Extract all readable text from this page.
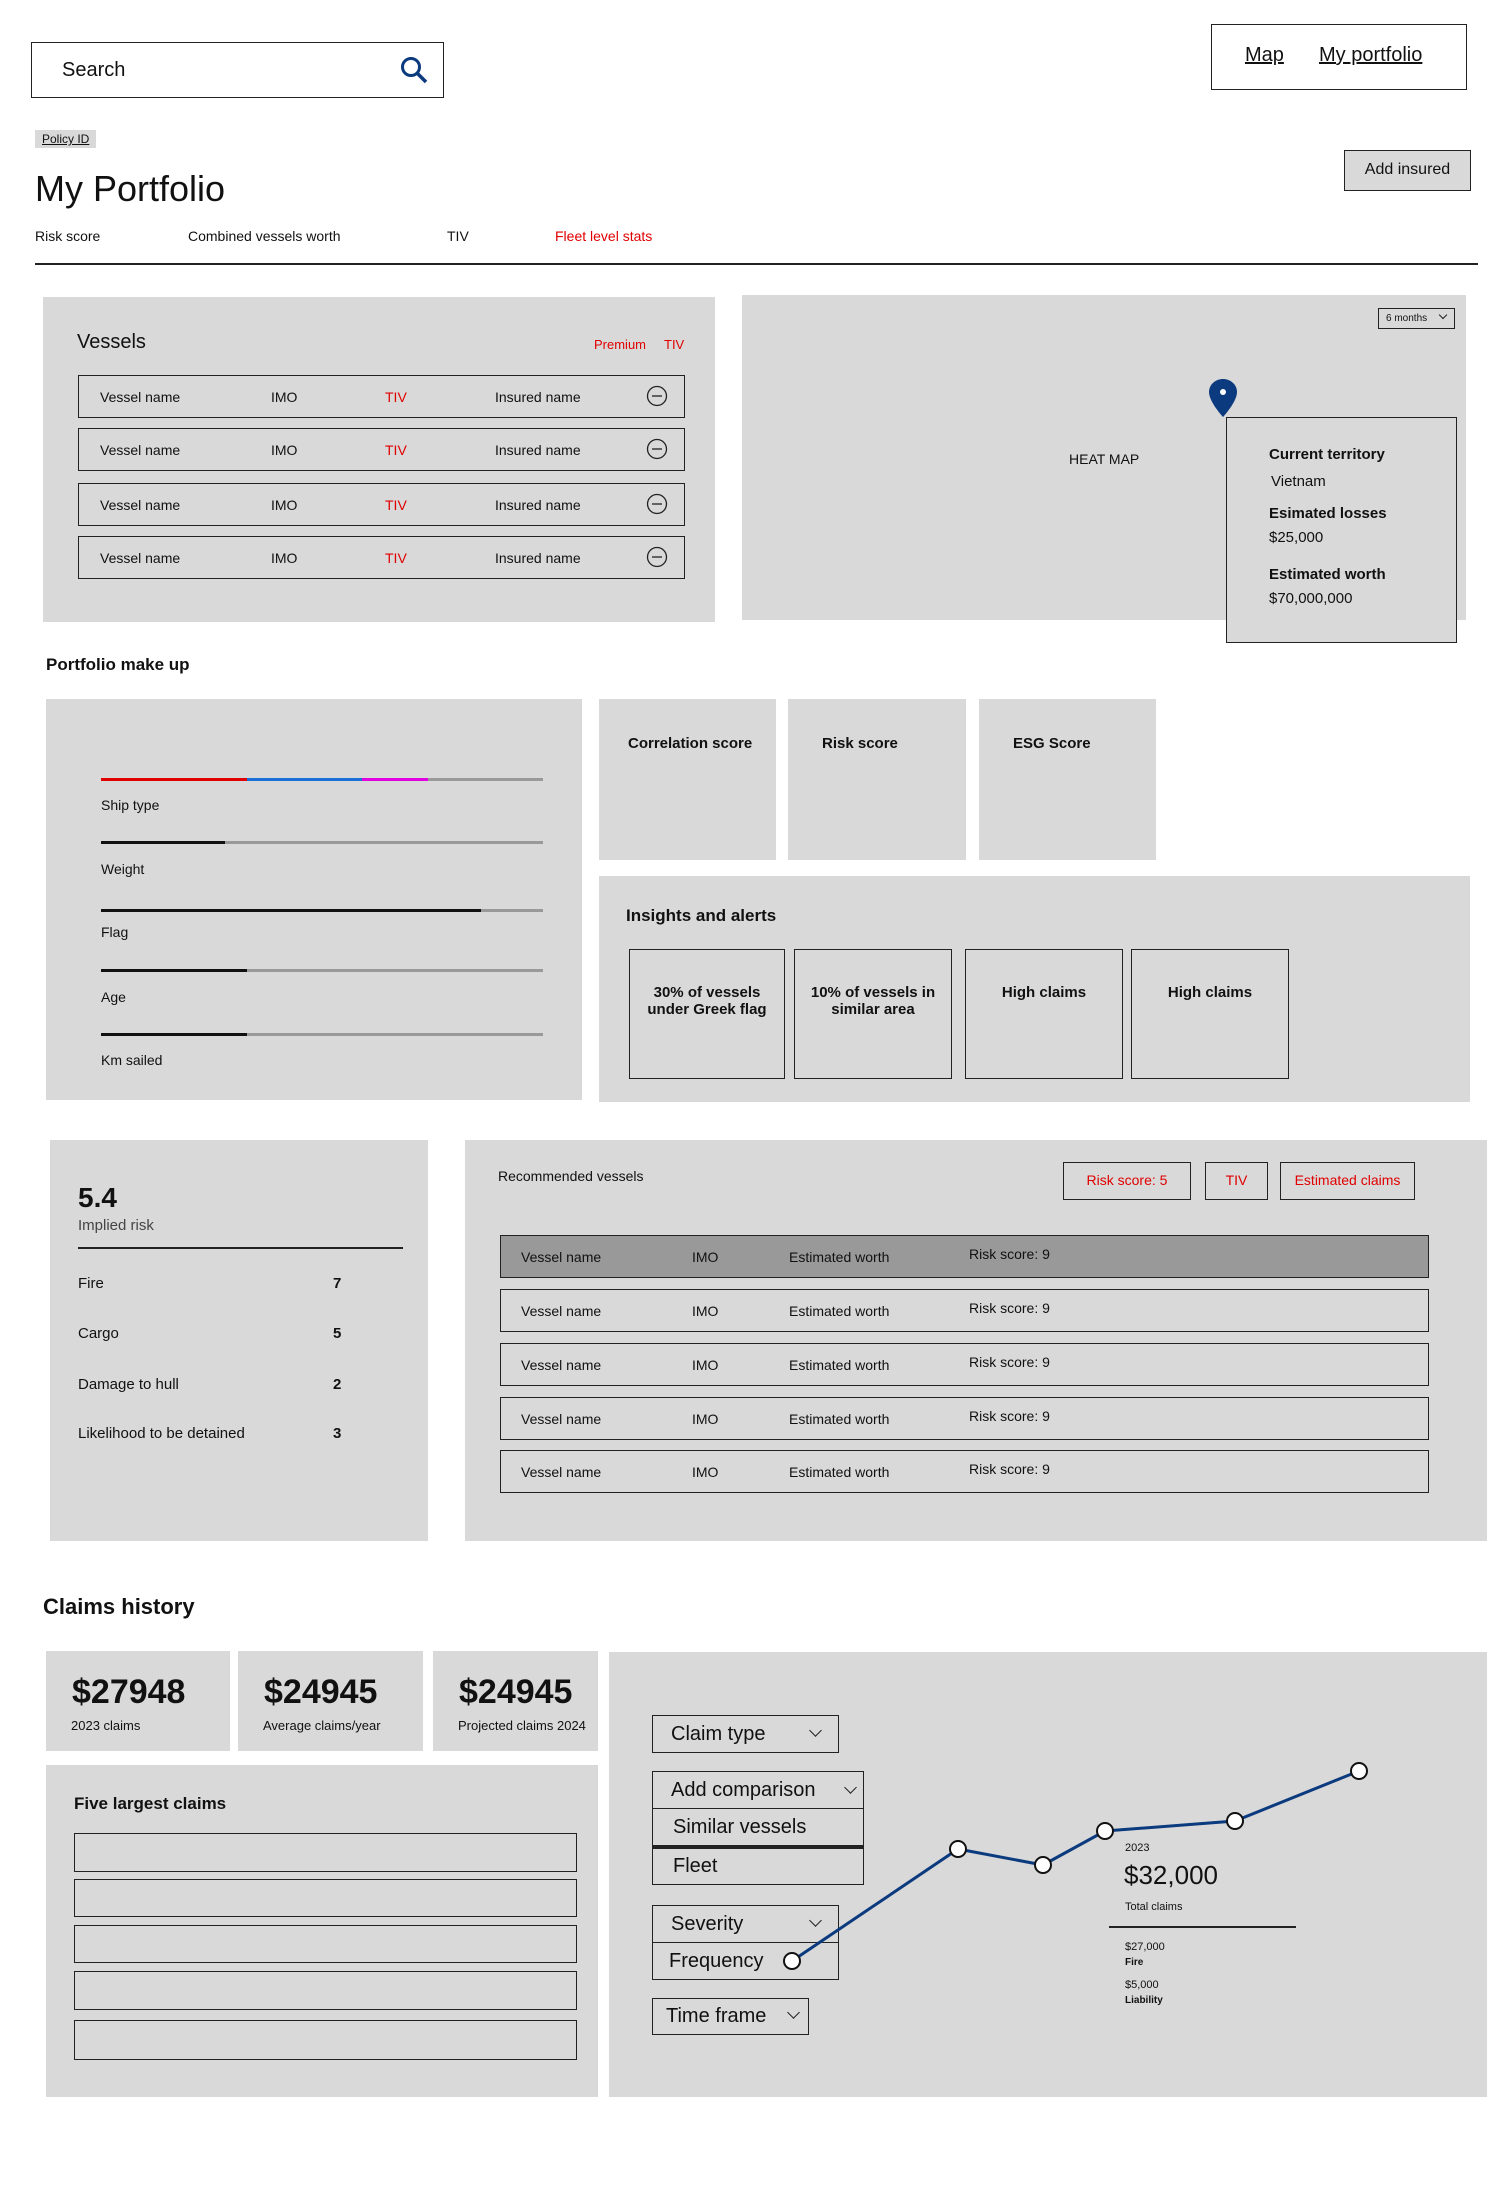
Search
Map My portfolio
Policy ID
My Portfolio	Add insured
Risk score	Combined vessels worth	TIV	Fleet level stats
Vessels	Premium TIV
6 months
HEAT MAP	Current territory
Vietnam
Esimated losses
$25,000
Estimated worth
$70,000,000
Portfolio make up
Correlation score	Risk score	ESG Score
Insights and alerts
30% of vessels under Greek flag
10% of vessels in similar area
High claims	High claims
5.4
Implied risk
Fire	7
Cargo	5
Damage to hull	2
Likelihood to be detained	3
Recommended vessels	Risk score: 5	TIV	Estimated claims
Claims history
Five largest claims
Claim type
Add comparison
Similar vessels
Fleet
Severity
Frequency
Time frame
2023
$32,000
Total claims
$27,000
Fire
$5,000
Liability
Vessel name	IMO	TIV	Insured name
Vessel name	IMO	TIV	Insured name
Vessel name	IMO	TIV	Insured name
Vessel name	IMO	TIV	Insured name
Ship type
Weight
Flag
Age
Km sailed
Vessel name	IMO	Estimated worth	Risk score: 9
Vessel name	IMO	Estimated worth	Risk score: 9
Vessel name	IMO	Estimated worth	Risk score: 9
Vessel name	IMO	Estimated worth	Risk score: 9
Vessel name	IMO	Estimated worth	Risk score: 9
$27948
2023 claims
$24945
Average claims/year
$24945
Projected claims 2024
